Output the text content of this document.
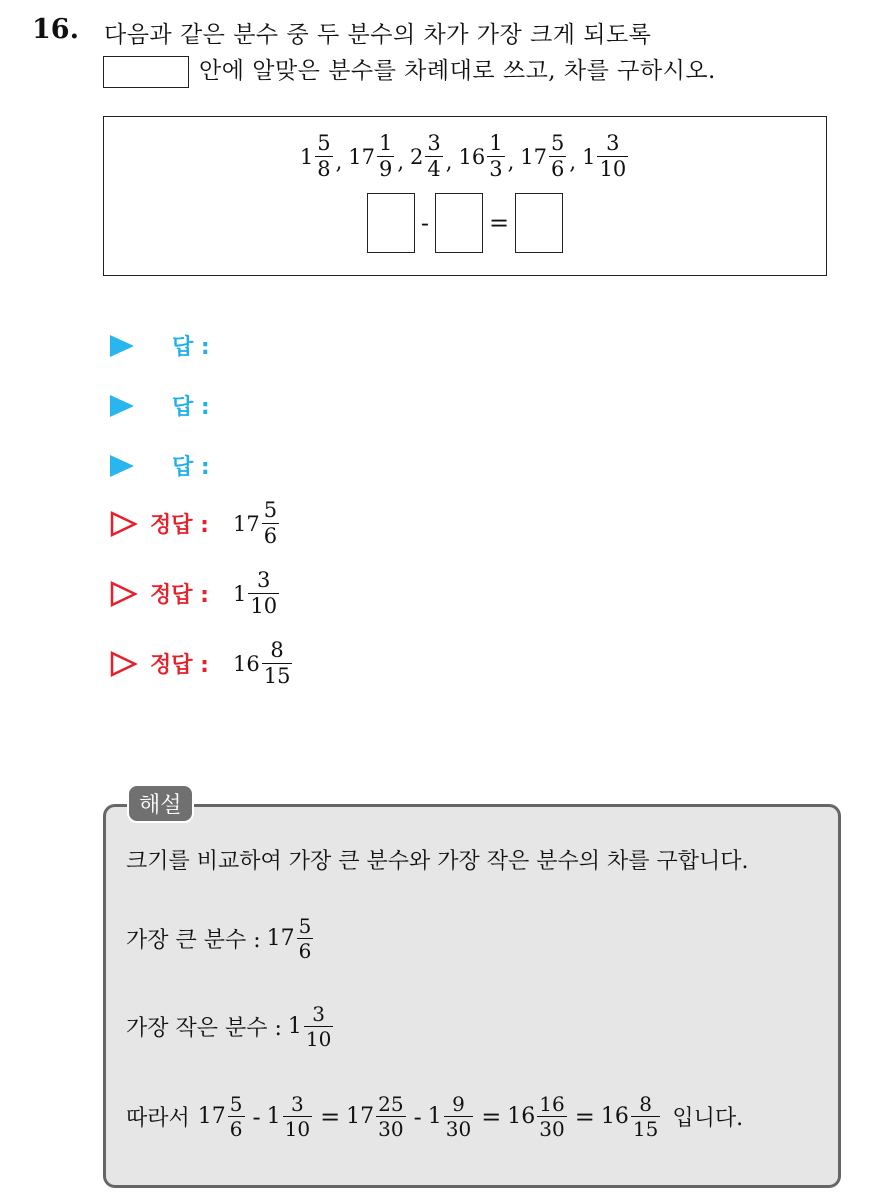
16. 다음과 같은 분수 중 두 분수의 차가 가장 크게 되도록
안에 알맞은 분수를 차례대로 쓰고, 차를 구하시오.
$1 \frac{5}{8}$ , $17 \frac{1}{9}$ , $2 \frac{3}{4}$ , $16 \frac{1}{3}$ , $17 \frac{5}{6}$ , $1 \frac{3}{10}$
-	=
답 :
답 :
답 :
정답 : $17 \frac{5}{6}$
정답 : $1 \frac{3}{10}$
정답 : $16 \frac{8}{15}$
해설
크기를 비교하여 가장 큰 분수와 가장 작은 분수의 차를 구합니다.
가장 큰 분수 : $17 \frac{5}{6}$
가장 작은 분수 : $1 \frac{3}{10}$
따라서 $17 \frac{5}{6} - 1 \frac{3}{10} = 17 \frac{25}{30} - 1 \frac{9}{30} = 16 \frac{16}{30} = 16 \frac{8}{15}$ 입니다.
